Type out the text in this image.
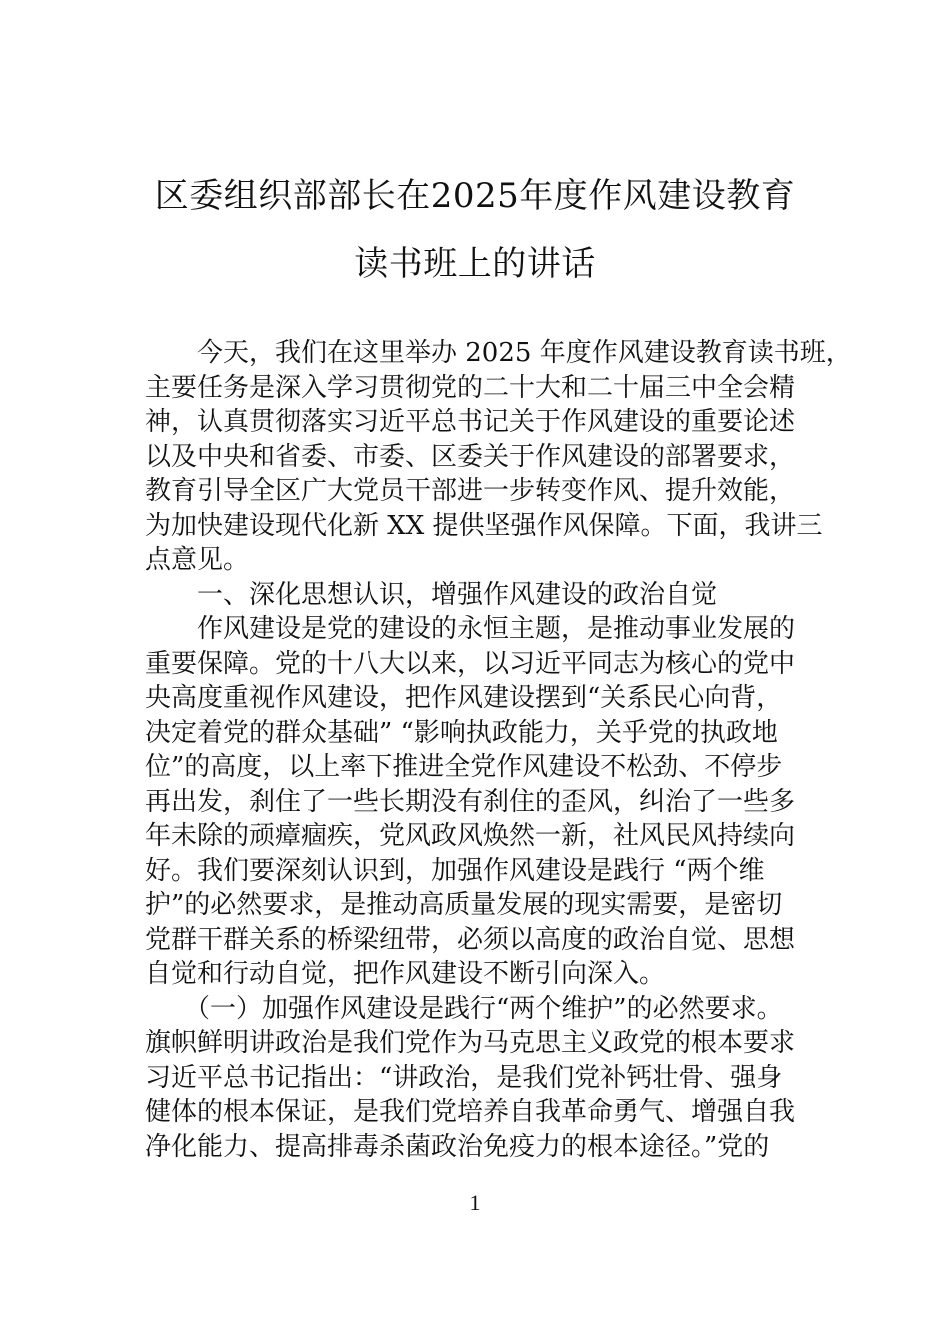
区委组织部部长在2025年度作风建设教育
读书班上的讲话
　　今天，我们在这里举办 2025 年度作风建设教育读书班，
主要任务是深入学习贯彻党的二十大和二十届三中全会精
神，认真贯彻落实习近平总书记关于作风建设的重要论述
以及中央和省委、市委、区委关于作风建设的部署要求，
教育引导全区广大党员干部进一步转变作风、提升效能，
为加快建设现代化新 XX 提供坚强作风保障。下面，我讲三
点意见。
　　一、深化思想认识，增强作风建设的政治自觉
　　作风建设是党的建设的永恒主题，是推动事业发展的
重要保障。党的十八大以来，以习近平同志为核心的党中
央高度重视作风建设，把作风建设摆到“关系民心向背，
决定着党的群众基础” “影响执政能力，关乎党的执政地
位”的高度，以上率下推进全党作风建设不松劲、不停步
再出发，刹住了一些长期没有刹住的歪风，纠治了一些多
年未除的顽瘴痼疾，党风政风焕然一新，社风民风持续向
好。我们要深刻认识到，加强作风建设是践行 “两个维
护”的必然要求，是推动高质量发展的现实需要，是密切
党群干群关系的桥梁纽带，必须以高度的政治自觉、思想
自觉和行动自觉，把作风建设不断引向深入。
　　（一）加强作风建设是践行“两个维护”的必然要求。
旗帜鲜明讲政治是我们党作为马克思主义政党的根本要求
习近平总书记指出：“讲政治，是我们党补钙壮骨、强身
健体的根本保证，是我们党培养自我革命勇气、增强自我
净化能力、提高排毒杀菌政治免疫力的根本途径。”党的
1
